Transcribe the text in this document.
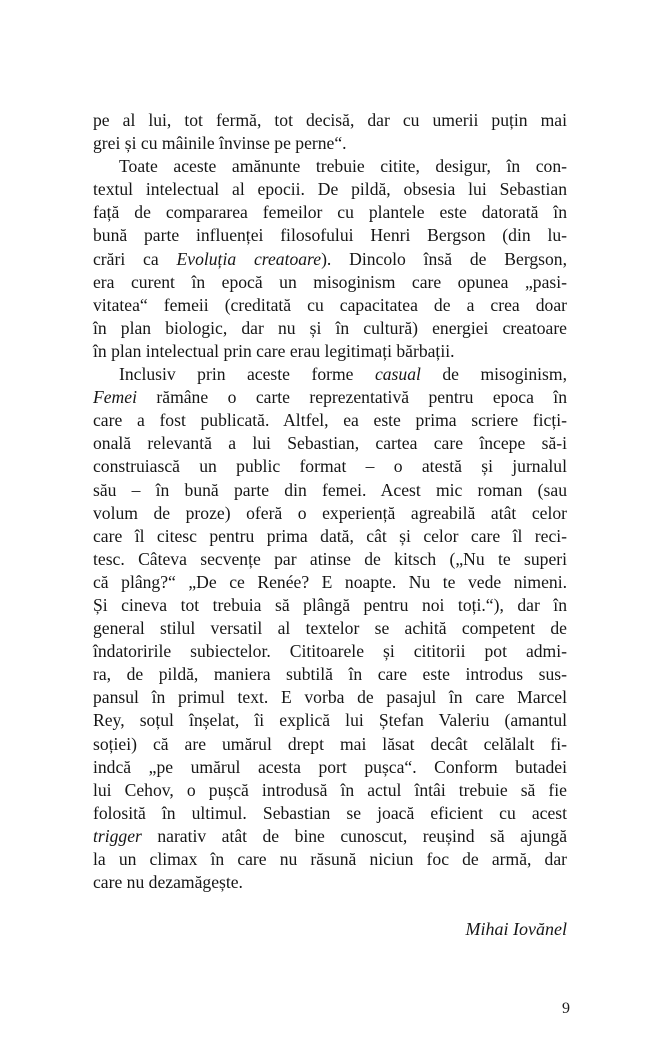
pe al lui, tot fermă, tot decisă, dar cu umerii puțin mai
grei și cu mâinile învinse pe perne“.
Toate aceste amănunte trebuie citite, desigur, în con-
textul intelectual al epocii. De pildă, obsesia lui Sebastian
față de compararea femeilor cu plantele este datorată în
bună parte influenței filosofului Henri Bergson (din lu-
crări ca Evoluția creatoare). Dincolo însă de Bergson,
era curent în epocă un misoginism care opunea „pasi-
vitatea“ femeii (creditată cu capacitatea de a crea doar
în plan biologic, dar nu și în cultură) energiei creatoare
în plan intelectual prin care erau legitimați bărbații.
Inclusiv prin aceste forme casual de misoginism,
Femei rămâne o carte reprezentativă pentru epoca în
care a fost publicată. Altfel, ea este prima scriere ficți-
onală relevantă a lui Sebastian, cartea care începe să-i
construiască un public format – o atestă și jurnalul
său – în bună parte din femei. Acest mic roman (sau
volum de proze) oferă o experiență agreabilă atât celor
care îl citesc pentru prima dată, cât și celor care îl reci-
tesc. Câteva secvențe par atinse de kitsch („Nu te superi
că plâng?“ „De ce Renée? E noapte. Nu te vede nimeni.
Și cineva tot trebuia să plângă pentru noi toți.“), dar în
general stilul versatil al textelor se achită competent de
îndatoririle subiectelor. Cititoarele și cititorii pot admi-
ra, de pildă, maniera subtilă în care este introdus sus-
pansul în primul text. E vorba de pasajul în care Marcel
Rey, soțul înșelat, îi explică lui Ștefan Valeriu (amantul
soției) că are umărul drept mai lăsat decât celălalt fi-
indcă „pe umărul acesta port pușca“. Conform butadei
lui Cehov, o pușcă introdusă în actul întâi trebuie să fie
folosită în ultimul. Sebastian se joacă eficient cu acest
trigger narativ atât de bine cunoscut, reușind să ajungă
la un climax în care nu răsună niciun foc de armă, dar
care nu dezamăgește.
Mihai Iovănel
9
